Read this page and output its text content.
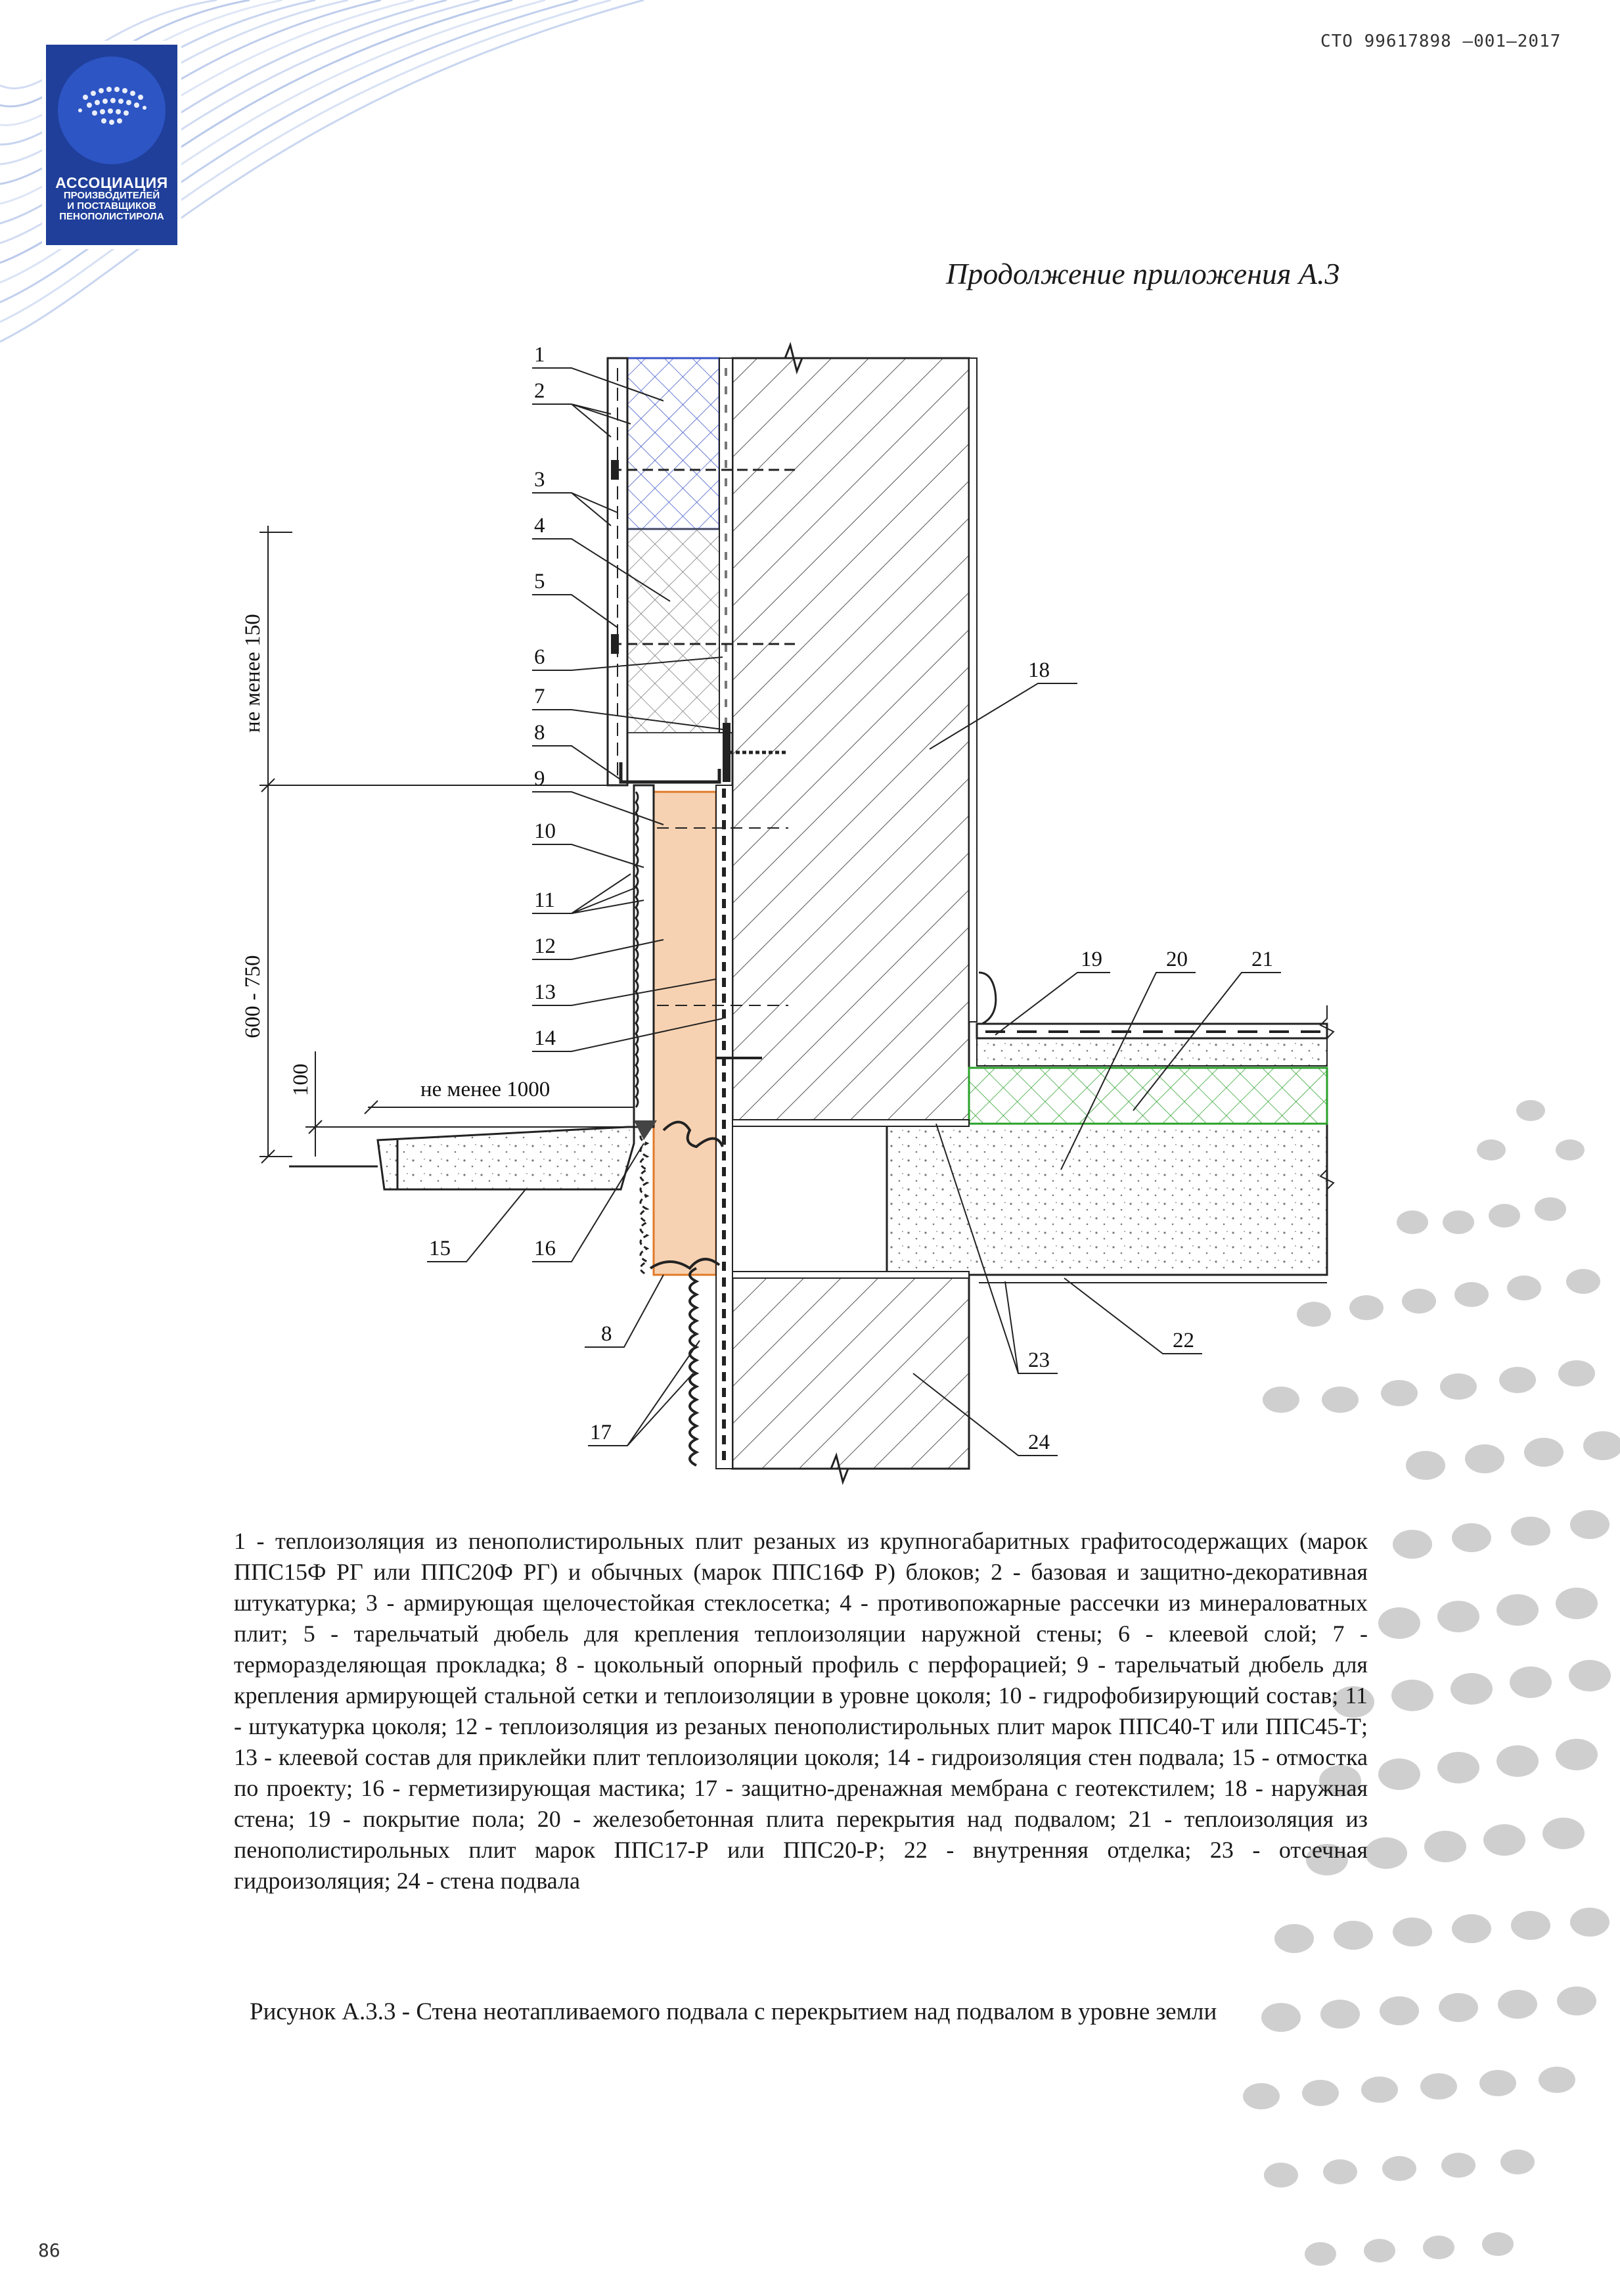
АССОЦИАЦИЯ
ПРОИЗВОДИТЕЛЕЙ
И ПОСТАВЩИКОВ
ПЕНОПОЛИСТИРОЛА
СТО 99617898 –001–2017
Продолжение приложения А.3
1
2
3
4
5
6
7
8
9
10
11
12
13
14
15	16
8
17
18
19	20	21
22
23
24
не менее 150
600 - 750
100	не менее 1000
1 - теплоизоляция из пенополистирольных плит резаных из крупногабаритных графитосодержащих (марок ППС15Ф РГ или ППС20Ф РГ) и обычных (марок ППС16Ф Р) блоков; 2 - базовая и защитно-декоративная штукатурка; 3 - армирующая щелочестойкая стеклосетка; 4 - противопожарные рассечки из минераловатных плит; 5 - тарельчатый дюбель для крепления теплоизоляции наружной стены; 6 - клеевой слой; 7 - терморазделяющая прокладка; 8 - цокольный опорный профиль с перфорацией; 9 - тарельчатый дюбель для крепления армирующей стальной сетки и теплоизоляции в уровне цоколя; 10 - гидрофобизирующий состав; 11 - штукатурка цоколя; 12 - теплоизоляция из резаных пенополистирольных плит марок ППС40-Т или ППС45-Т; 13 - клеевой состав для приклейки плит теплоизоляции цоколя; 14 - гидроизоляция стен подвала; 15 - отмостка по проекту; 16 - герметизирующая мастика; 17 - защитно-дренажная мембрана с геотекстилем; 18 - наружная стена; 19 - покрытие пола; 20 - железобетонная плита перекрытия над подвалом; 21 - теплоизоляция из пенополистирольных плит марок ППС17-Р или ППС20-Р; 22 - внутренняя отделка; 23 - отсечная гидроизоляция; 24 - стена подвала
Рисунок А.3.3 - Стена неотапливаемого подвала с перекрытием над подвалом в уровне земли
86
